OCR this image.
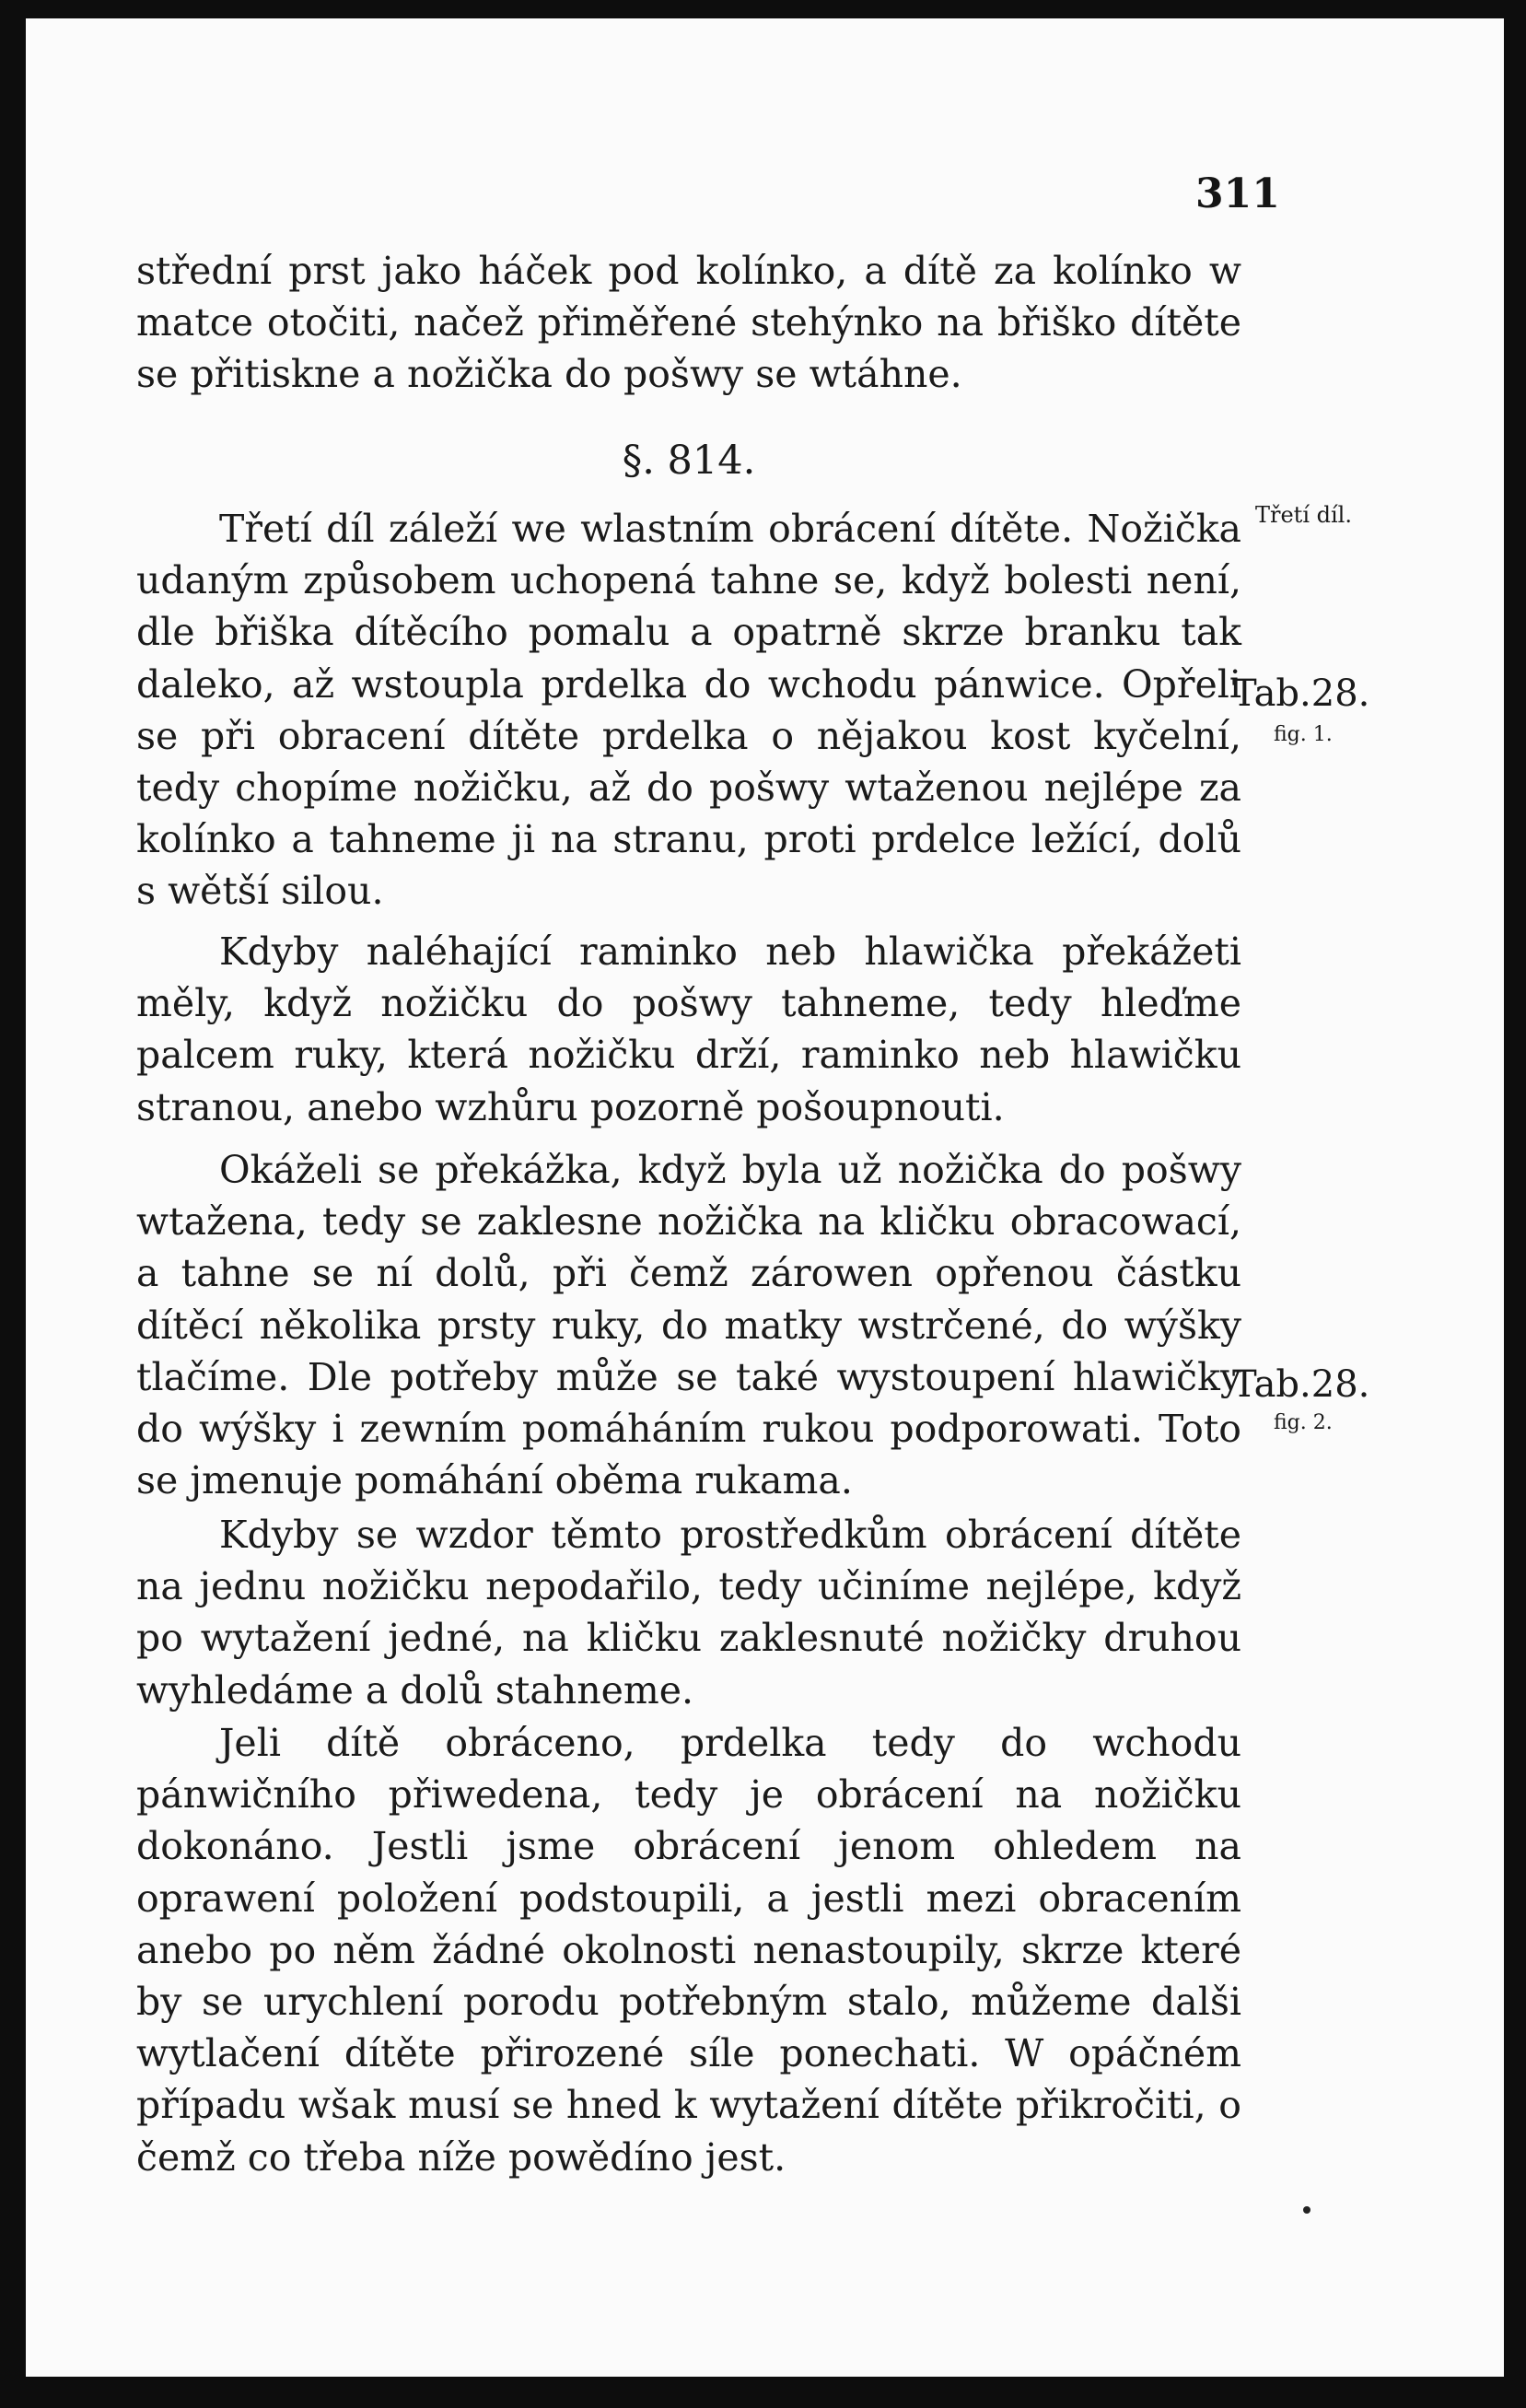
311

střední prst jako háček pod kolínko, a dítě za kolínko w matce otočiti, načež přiměřené stehýnko na břiško dítěte se přitiskne a nožička do pošwy se wtáhne.

§. 814.

Třetí díl záleží we wlastním obrácení dítěte. Nožička udaným způsobem uchopená tahne se, když bolesti není, dle břiška dítěcího pomalu a opatrně skrze branku tak daleko, až wstoupla prdelka do wchodu pánwice. Opřeli se při obracení dítěte prdelka o nějakou kost kyčelní, tedy chopíme nožičku, až do pošwy wtaženou nejlépe za kolínko a tahneme ji na stranu, proti prdelce ležící, dolů s wětší silou.

Kdyby naléhající raminko neb hlawička překážeti měly, když nožičku do pošwy tahneme, tedy hleďme palcem ruky, která nožičku drží, raminko neb hlawičku stranou, anebo wzhůru pozorně pošoupnouti.

Okáželi se překážka, když byla už nožička do pošwy wtažena, tedy se zaklesne nožička na kličku obracowací, a tahne se ní dolů, při čemž zárowen opřenou částku dítěcí několika prsty ruky, do matky wstrčené, do wýšky tlačíme. Dle potřeby může se také wystoupení hlawičky do wýšky i zewním pomáháním rukou podporowati. Toto se jmenuje pomáhání oběma rukama.

Kdyby se wzdor těmto prostředkům obrácení dítěte na jednu nožičku nepodařilo, tedy učiníme nejlépe, když po wytažení jedné, na kličku zaklesnuté nožičky druhou wyhledáme a dolů stahneme.

Jeli dítě obráceno, prdelka tedy do wchodu pánwičního přiwedena, tedy je obrácení na nožičku dokonáno. Jestli jsme obrácení jenom ohledem na oprawení položení podstoupili, a jestli mezi obracením anebo po něm žádné okolnosti nenastoupily, skrze které by se urychlení porodu potřebným stalo, můžeme dalši wytlačení dítěte přirozené síle ponechati. W opáčném případu wšak musí se hned k wytažení dítěte přikročiti, o čemž co třeba níže powědíno jest.

Třetí díl.
Tab.28.
fig. 1.
Tab.28.
fig. 2.
